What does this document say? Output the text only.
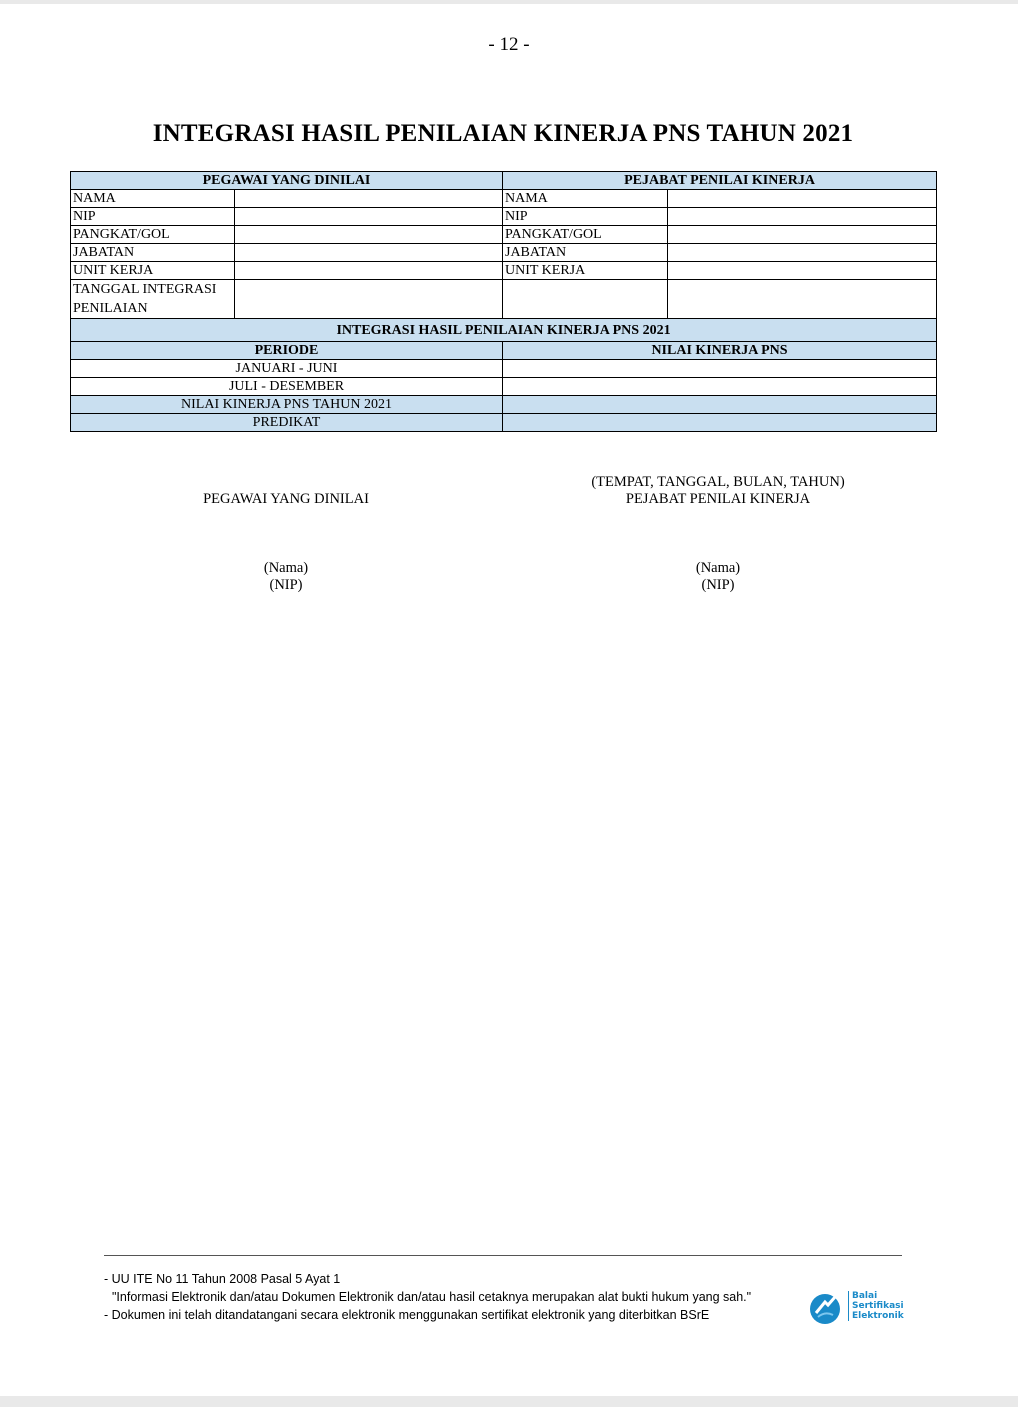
- 12 -
INTEGRASI HASIL PENILAIAN KINERJA PNS TAHUN 2021
PEGAWAI YANG DINILAI		PEJABAT PENILAI KINERJA	
NAMA		NAMA	
NIP		NIP	
PANGKAT/GOL		PANGKAT/GOL	
JABATAN		JABATAN	
UNIT KERJA		UNIT KERJA	
TANGGAL INTEGRASI PENILAIAN			
INTEGRASI HASIL PENILAIAN KINERJA PNS 2021			
PERIODE		NILAI KINERJA PNS	
JANUARI - JUNI			
JULI - DESEMBER			
NILAI KINERJA PNS TAHUN 2021			
PREDIKAT			
(TEMPAT, TANGGAL, BULAN, TAHUN)
PEGAWAI YANG DINILAI	PEJABAT PENILAI KINERJA
(Nama)
(NIP)
(Nama)
(NIP)
- UU ITE No 11 Tahun 2008 Pasal 5 Ayat 1
"Informasi Elektronik dan/atau Dokumen Elektronik dan/atau hasil cetaknya merupakan alat bukti hukum yang sah."
- Dokumen ini telah ditandatangani secara elektronik menggunakan sertifikat elektronik yang diterbitkan BSrE
Balai
Sertifikasi
Elektronik
